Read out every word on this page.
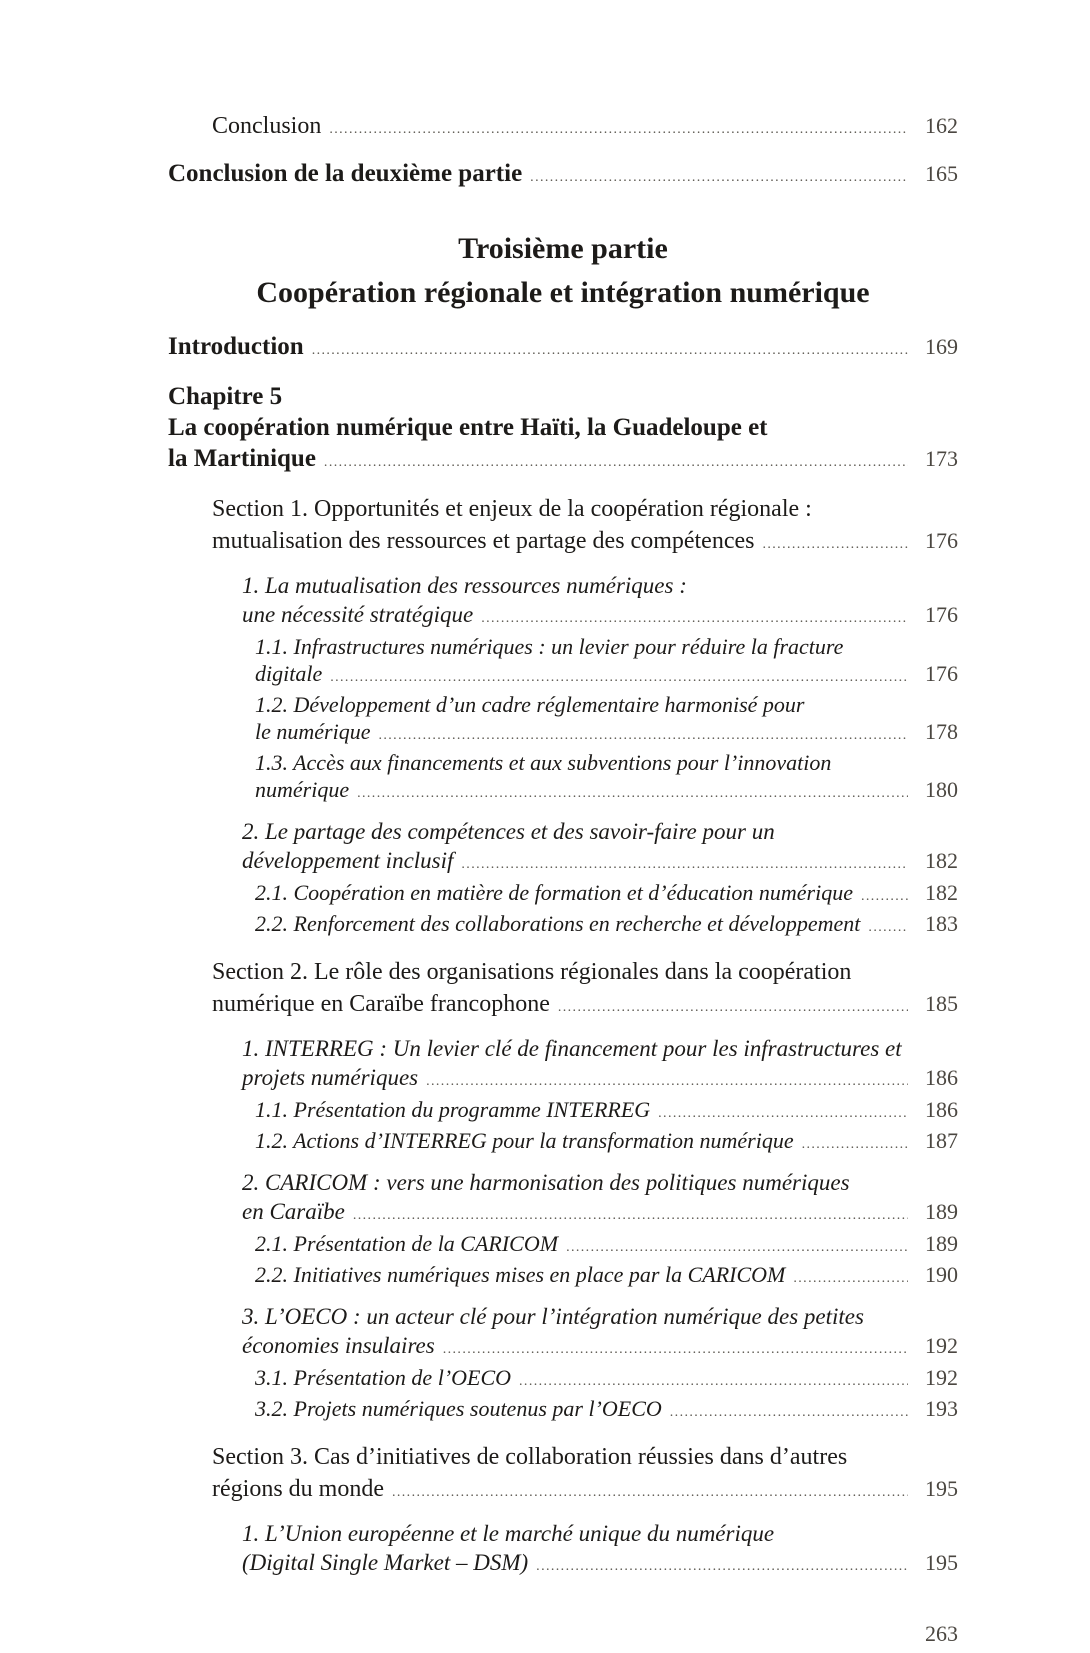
Conclusion .....	162
Conclusion de la deuxième partie .....	165
Troisième partie
Coopération régionale et intégration numérique
Introduction .....	169
Chapitre 5
La coopération numérique entre Haïti, la Guadeloupe et
la Martinique .....	173
Section 1. Opportunités et enjeux de la coopération régionale :
mutualisation des ressources et partage des compétences .....	176
1. La mutualisation des ressources numériques :
une nécessité stratégique .....	176
1.1. Infrastructures numériques : un levier pour réduire la fracture
digitale .....	176
1.2. Développement d’un cadre réglementaire harmonisé pour
le numérique .....	178
1.3. Accès aux financements et aux subventions pour l’innovation
numérique .....	180
2. Le partage des compétences et des savoir-faire pour un
développement inclusif .....	182
2.1. Coopération en matière de formation et d’éducation numérique .....	182
2.2. Renforcement des collaborations en recherche et développement .....	183
Section 2. Le rôle des organisations régionales dans la coopération
numérique en Caraïbe francophone .....	185
1. INTERREG : Un levier clé de financement pour les infrastructures et
projets numériques .....	186
1.1. Présentation du programme INTERREG .....	186
1.2. Actions d’INTERREG pour la transformation numérique .....	187
2. CARICOM : vers une harmonisation des politiques numériques
en Caraïbe .....	189
2.1. Présentation de la CARICOM .....	189
2.2. Initiatives numériques mises en place par la CARICOM .....	190
3. L’OECO : un acteur clé pour l’intégration numérique des petites
économies insulaires .....	192
3.1. Présentation de l’OECO .....	192
3.2. Projets numériques soutenus par l’OECO .....	193
Section 3. Cas d’initiatives de collaboration réussies dans d’autres
régions du monde .....	195
1. L’Union européenne et le marché unique du numérique
(Digital Single Market – DSM) .....	195
263
